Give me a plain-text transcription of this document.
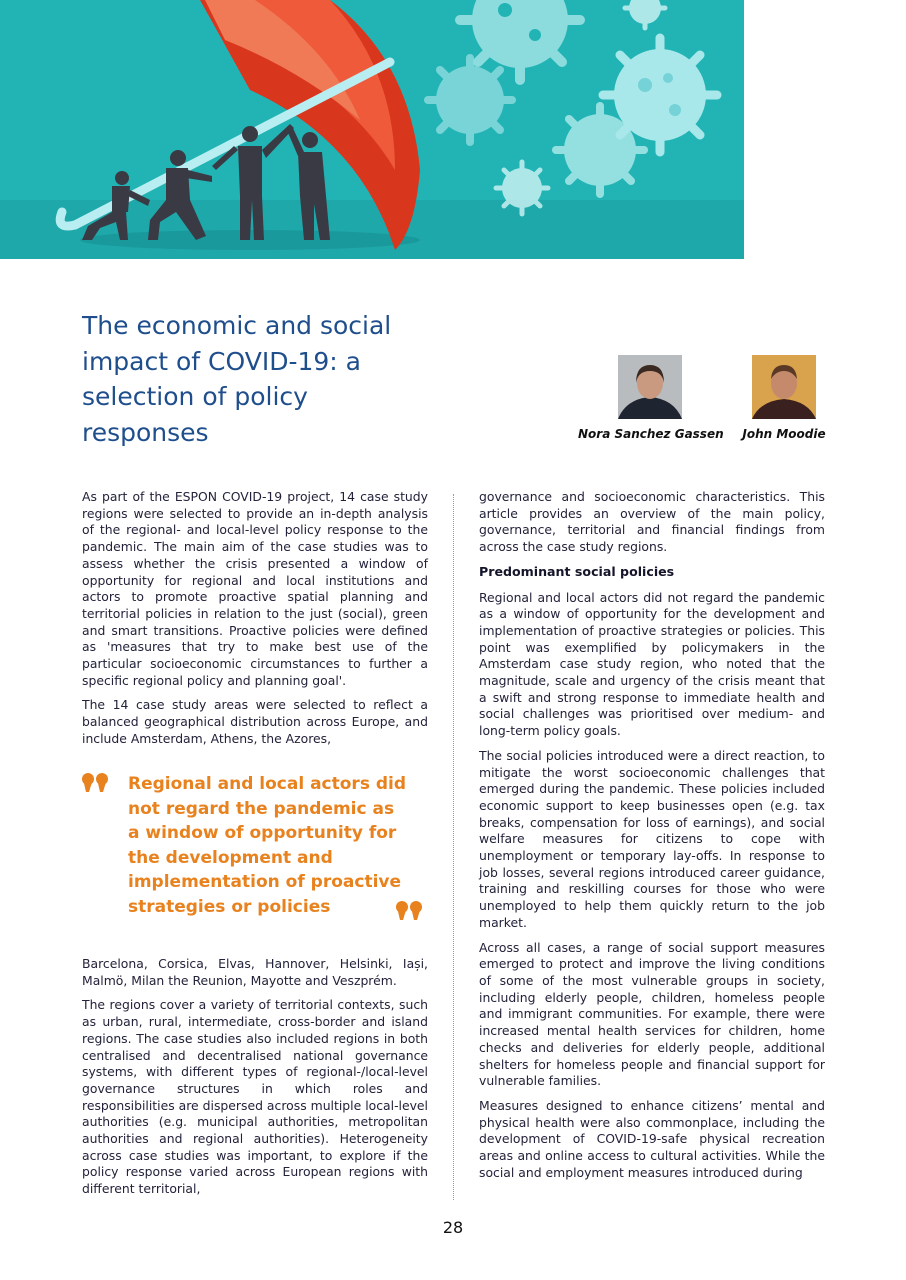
The economic and social impact of COVID-19: a selection of policy responses	Nora Sanchez Gassen	John Moodie

As part of the ESPON COVID-19 project, 14 case study regions were selected to provide an in-depth analysis of the regional- and local-level policy response to the pandemic. The main aim of the case studies was to assess whether the crisis presented a window of opportunity for regional and local institutions and actors to promote proactive spatial planning and territorial policies in relation to the just (social), green and smart transitions. Proactive policies were defined as 'measures that try to make best use of the particular socioeconomic circumstances to further a specific regional policy and planning goal'.

The 14 case study areas were selected to reflect a balanced geographical distribution across Europe, and include Amsterdam, Athens, the Azores,

Regional and local actors did not regard the pandemic as a window of opportunity for the development and implementation of proactive strategies or policies

Barcelona, Corsica, Elvas, Hannover, Helsinki, Iași, Malmö, Milan the Reunion, Mayotte and Veszprém.

The regions cover a variety of territorial contexts, such as urban, rural, intermediate, cross-border and island regions. The case studies also included regions in both centralised and decentralised national governance systems, with different types of regional-/local-level governance structures in which roles and responsibilities are dispersed across multiple local-level authorities (e.g. municipal authorities, metropolitan authorities and regional authorities). Heterogeneity across case studies was important, to explore if the policy response varied across European regions with different territorial,

governance and socioeconomic characteristics. This article provides an overview of the main policy, governance, territorial and financial findings from across the case study regions.

Predominant social policies

Regional and local actors did not regard the pandemic as a window of opportunity for the development and implementation of proactive strategies or policies. This point was exemplified by policymakers in the Amsterdam case study region, who noted that the magnitude, scale and urgency of the crisis meant that a swift and strong response to immediate health and social challenges was prioritised over medium- and long-term policy goals.

The social policies introduced were a direct reaction, to mitigate the worst socioeconomic challenges that emerged during the pandemic. These policies included economic support to keep businesses open (e.g. tax breaks, compensation for loss of earnings), and social welfare measures for citizens to cope with unemployment or temporary lay-offs. In response to job losses, several regions introduced career guidance, training and reskilling courses for those who were unemployed to help them quickly return to the job market.

Across all cases, a range of social support measures emerged to protect and improve the living conditions of some of the most vulnerable groups in society, including elderly people, children, homeless people and immigrant communities. For example, there were increased mental health services for children, home checks and deliveries for elderly people, additional shelters for homeless people and financial support for vulnerable families.

Measures designed to enhance citizens’ mental and physical health were also commonplace, including the development of COVID-19-safe physical recreation areas and online access to cultural activities. While the social and employment measures introduced during

28
